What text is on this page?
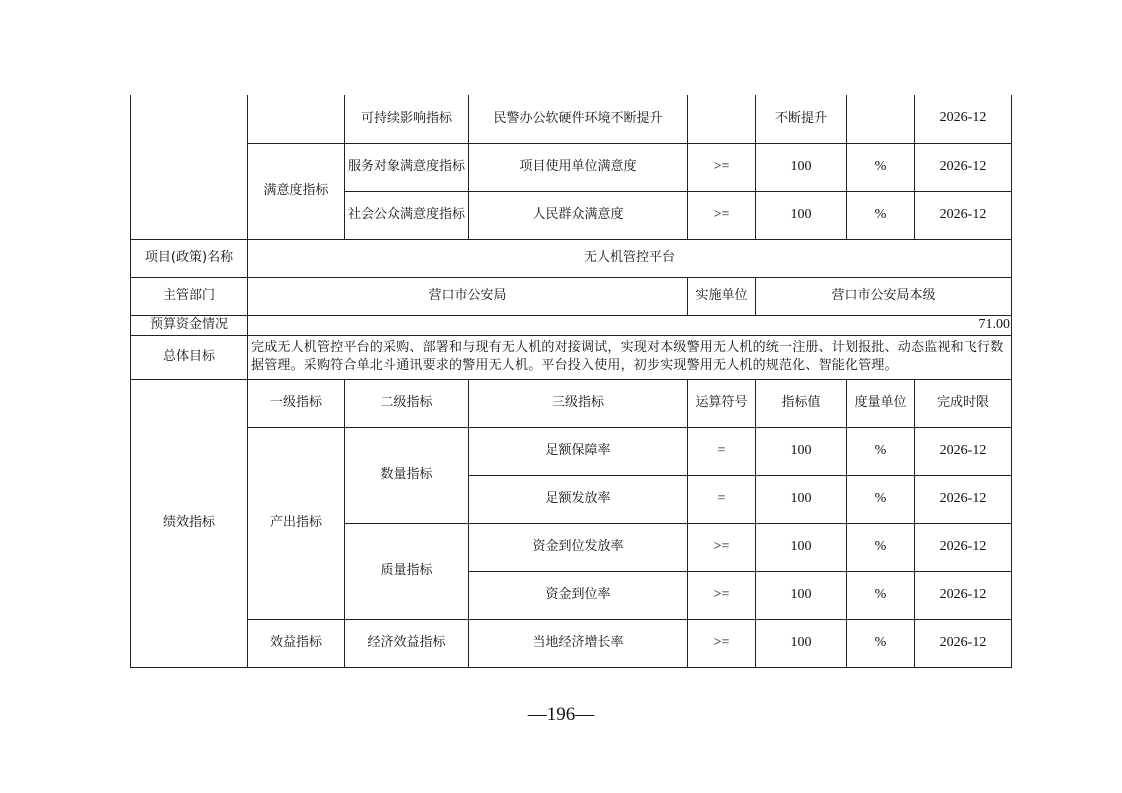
		可持续影响指标	民警办公软硬件环境不断提升		不断提升		2026-12
	满意度指标	服务对象满意度指标	项目使用单位满意度	>=	100	%	2026-12
		社会公众满意度指标	人民群众满意度	>=	100	%	2026-12
项目(政策)名称	无人机管控平台						
主管部门	营口市公安局			实施单位	营口市公安局本级		
预算资金情况	71.00						
总体目标	完成无人机管控平台的采购、部署和与现有无人机的对接调试，实现对本级警用无人机的统一注册、计划报批、动态监视和飞行数据管理。采购符合单北斗通讯要求的警用无人机。平台投入使用，初步实现警用无人机的规范化、智能化管理。						
绩效指标	一级指标	二级指标	三级指标	运算符号	指标值	度量单位	完成时限
	产出指标	数量指标	足额保障率	=	100	%	2026-12
			足额发放率	=	100	%	2026-12
		质量指标	资金到位发放率	>=	100	%	2026-12
			资金到位率	>=	100	%	2026-12
	效益指标	经济效益指标	当地经济增长率	>=	100	%	2026-12
—196—
